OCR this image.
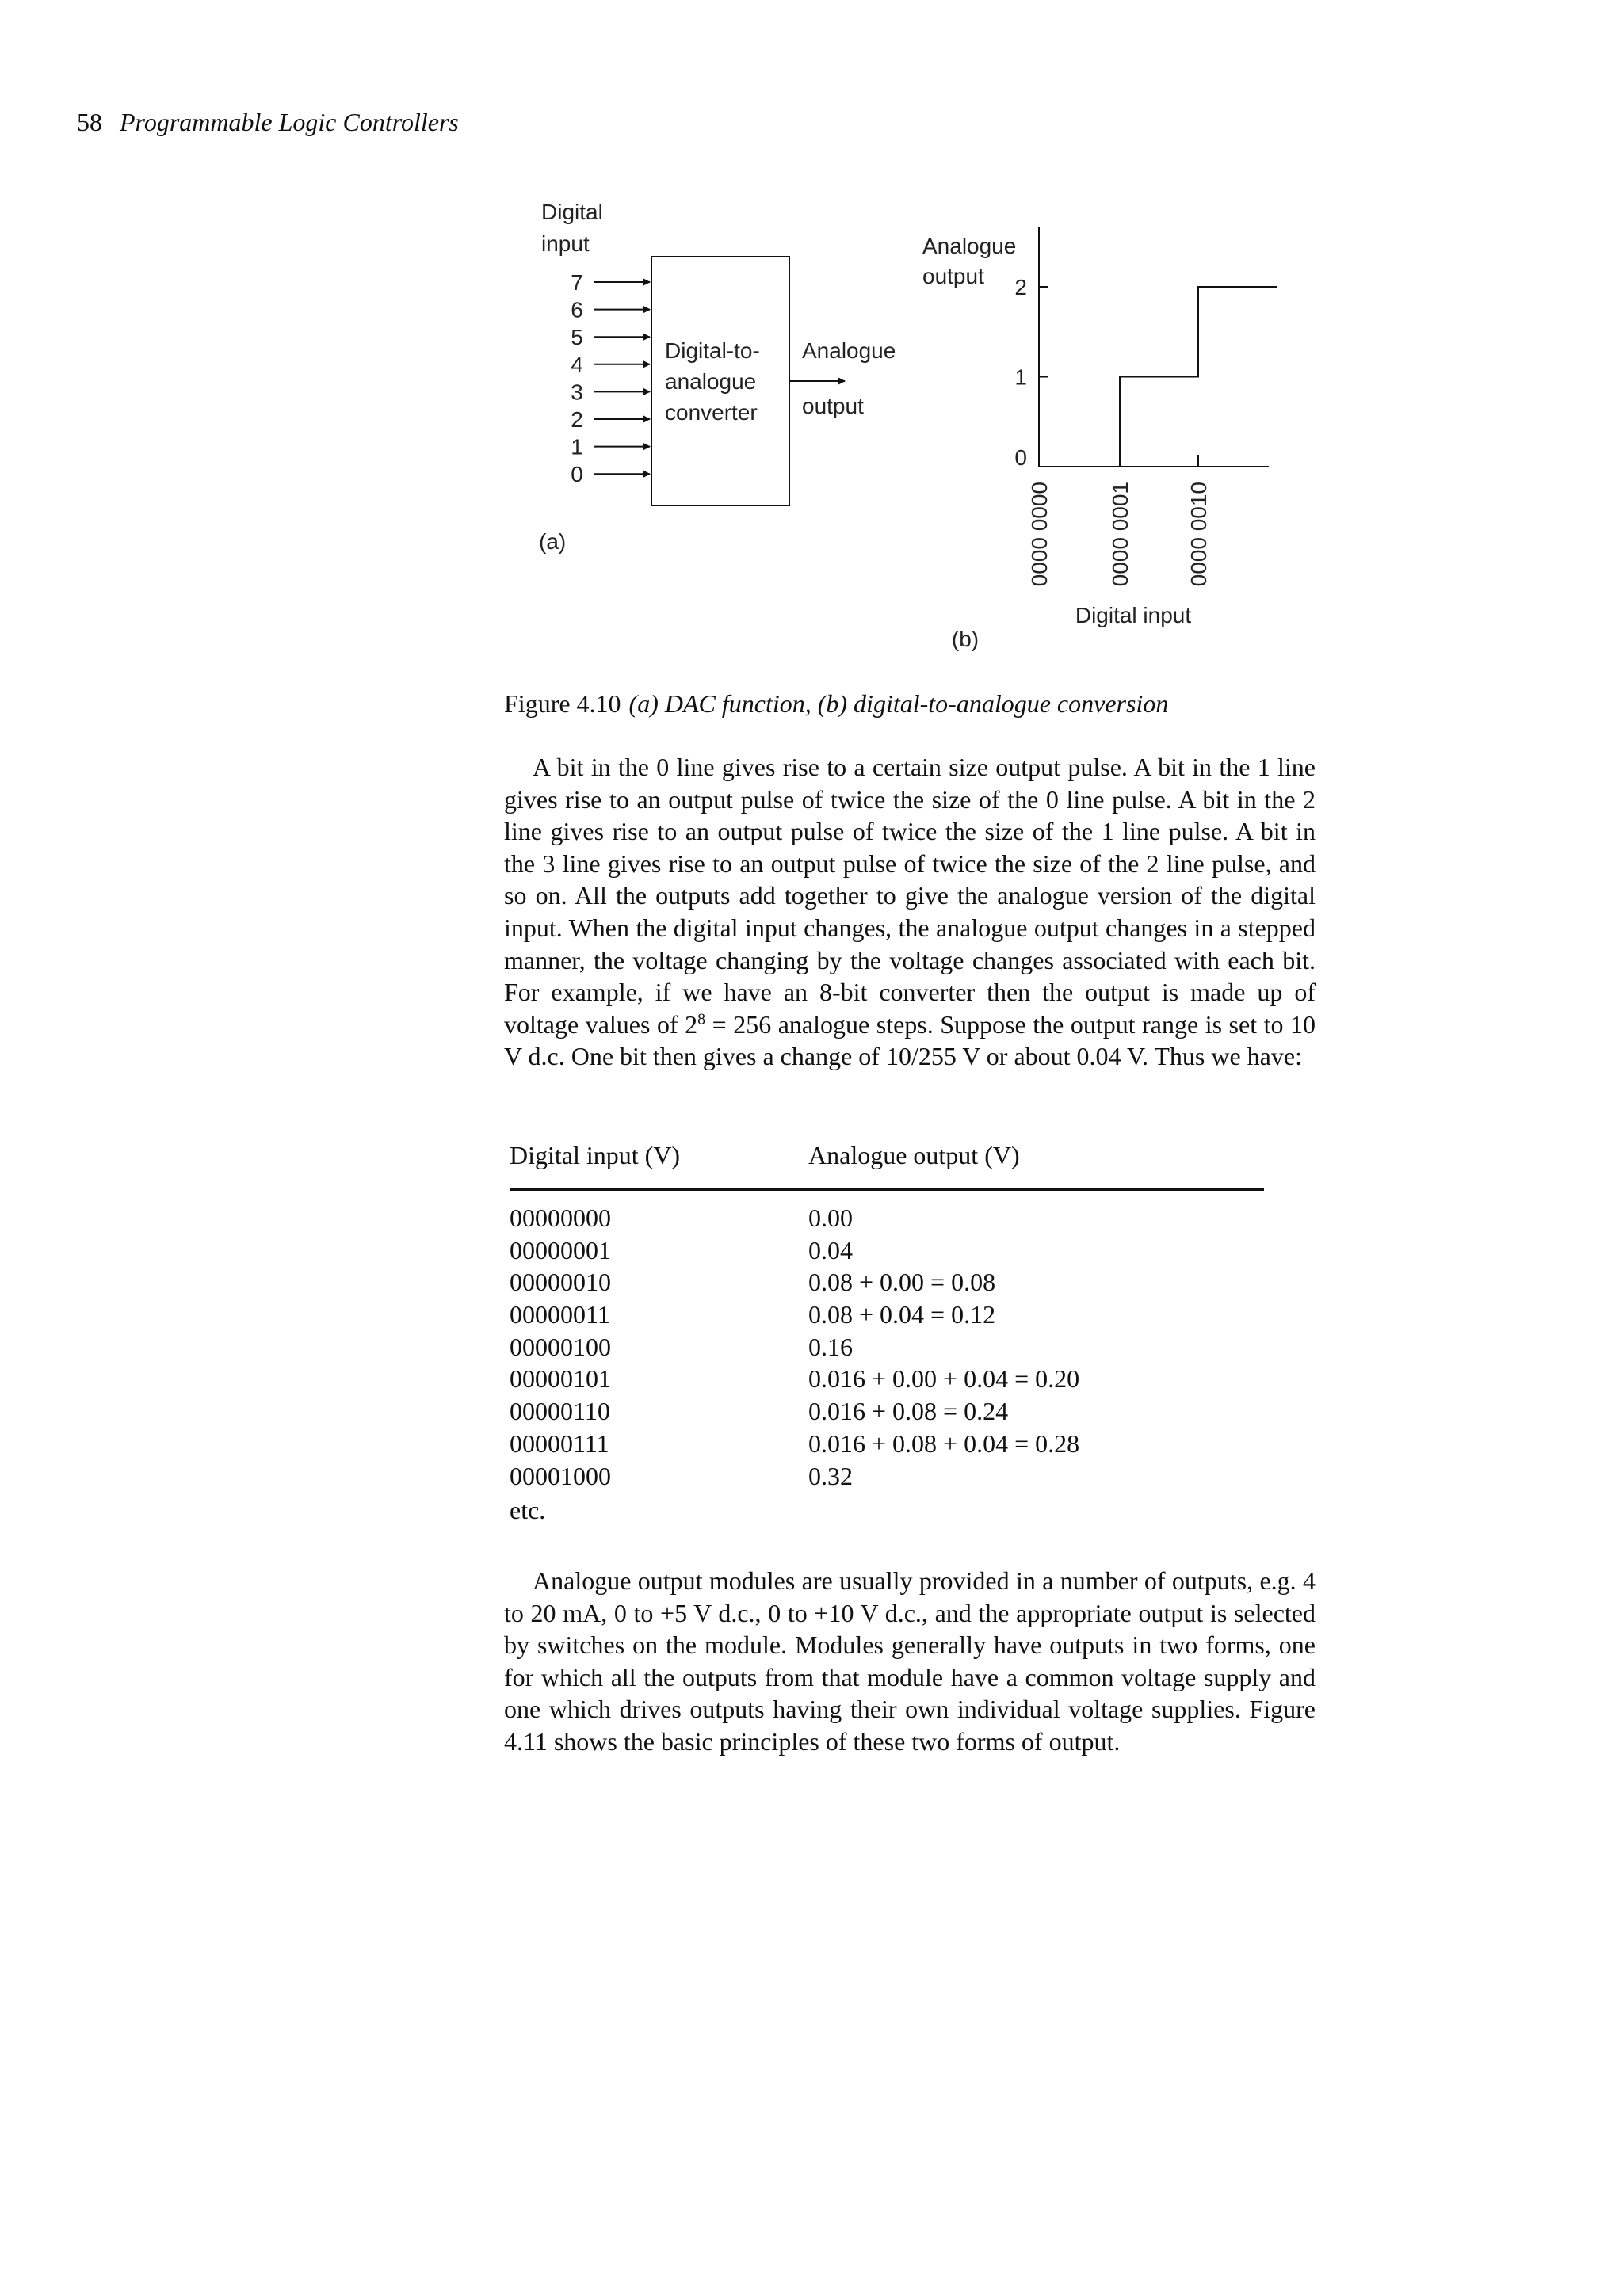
58 Programmable Logic Controllers
Digital
input
7
6
5
4
3
2
1
0
Digital-to-
analogue
converter
Analogue
output
(a)
Analogue
output
0
1
2
0000 0000	0000 0001 0000 0010
Digital input
(b)
Figure 4.10 (a) DAC function, (b) digital-to-analogue conversion

A bit in the 0 line gives rise to a certain size output pulse. A bit in the 1 line gives rise to an output pulse of twice the size of the 0 line pulse. A bit in the 2 line gives rise to an output pulse of twice the size of the 1 line pulse. A bit in the 3 line gives rise to an output pulse of twice the size of the 2 line pulse, and so on. All the outputs add together to give the analogue version of the digital input. When the digital input changes, the analogue output changes in a stepped manner, the voltage changing by the voltage changes associated with each bit. For example, if we have an 8-bit converter then the output is made up of voltage values of $2^8 = 256$ analogue steps. Suppose the output range is set to 10 V d.c. One bit then gives a change of 10/255 V or about 0.04 V. Thus we have:

Digital input (V)	Analogue output (V)
00000000	0.00
00000001	0.04
00000010	0.08 + 0.00 = 0.08
00000011	0.08 + 0.04 = 0.12
00000100	0.16
00000101	0.016 + 0.00 + 0.04 = 0.20
00000110	0.016 + 0.08 = 0.24
00000111	0.016 + 0.08 + 0.04 = 0.28
00001000	0.32
etc.

Analogue output modules are usually provided in a number of outputs, e.g. 4 to 20 mA, 0 to +5 V d.c., 0 to +10 V d.c., and the appropriate output is selected by switches on the module. Modules generally have outputs in two forms, one for which all the outputs from that module have a common voltage supply and one which drives outputs having their own individual voltage supplies. Figure 4.11 shows the basic principles of these two forms of output.
